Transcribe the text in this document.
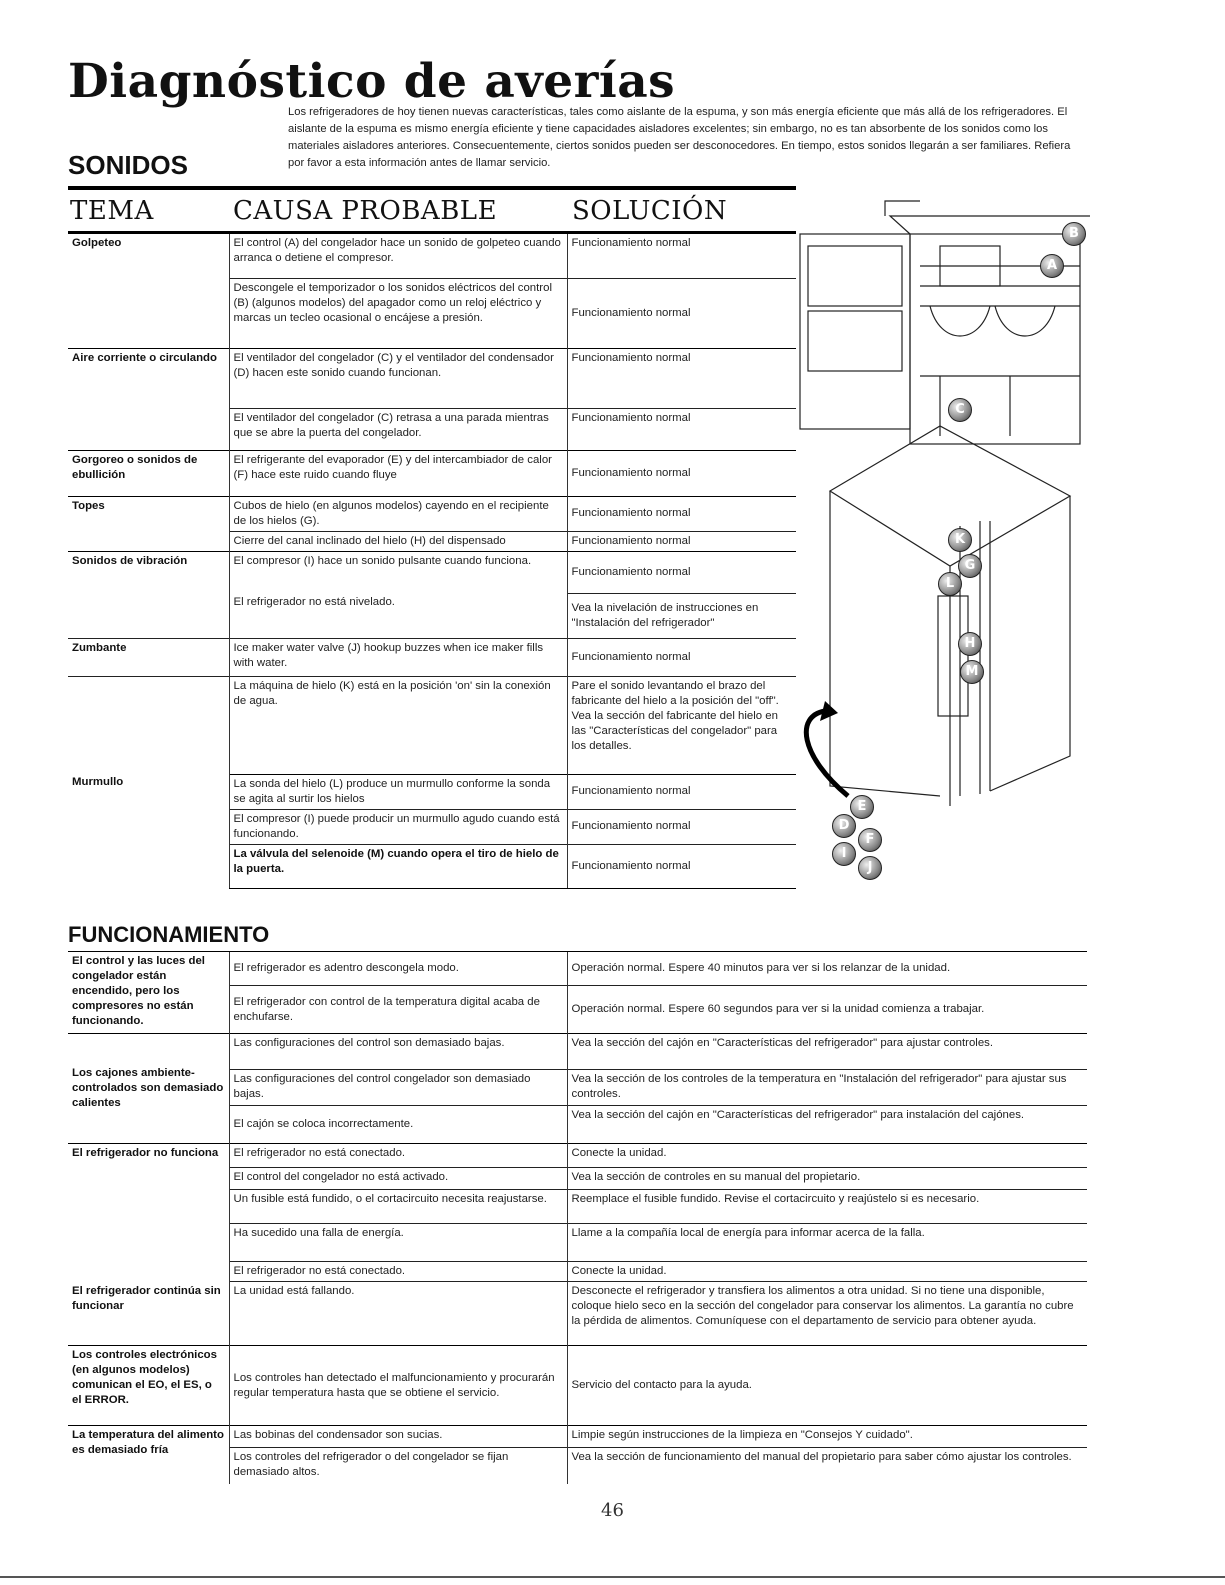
Diagnóstico de averías
SONIDOS
Los refrigeradores de hoy tienen nuevas características, tales como aislante de la espuma, y son más energía eficiente que más allá de los refrigeradores. El aislante de la espuma es mismo energía eficiente y tiene capacidades aisladores excelentes; sin embargo, no es tan absorbente de los sonidos como los materiales aisladores anteriores. Consecuentemente, ciertos sonidos pueden ser desconocedores. En tiempo, estos sonidos llegarán a ser familiares. Refiera por favor a esta información antes de llamar servicio.
TEMA	CAUSA PROBABLE	SOLUCIÓN
B
A
C
K
G
L
H
M
E
D
F
I
J
Golpeteo	El control (A) del congelador hace un sonido de golpeteo cuando arranca o detiene el compresor.	Funcionamiento normal
	Descongele el temporizador o los sonidos eléctricos del control (B) (algunos modelos) del apagador como un reloj eléctrico y marcas un tecleo ocasional o encájese a presión.	Funcionamiento normal
Aire corriente o circulando	El ventilador del congelador (C) y el ventilador del condensador (D) hacen este sonido cuando funcionan.	Funcionamiento normal
	El ventilador del congelador (C) retrasa a una parada mientras que se abre la puerta del congelador.	Funcionamiento normal
Gorgoreo o sonidos de ebullición	El refrigerante del evaporador (E) y del intercambiador de calor (F) hace este ruido cuando fluye	Funcionamiento normal
Topes	Cubos de hielo (en algunos modelos) cayendo en el recipiente de los hielos (G).	Funcionamiento normal
	Cierre del canal inclinado del hielo (H) del dispensado	Funcionamiento normal
Sonidos de vibración	El compresor (I) hace un sonido pulsante cuando funciona.	Funcionamiento normal
	El refrigerador no está nivelado.	Vea la nivelación de instrucciones en "Instalación del refrigerador"
Zumbante	Ice maker water valve (J) hookup buzzes when ice maker fills with water.	Funcionamiento normal
Murmullo	La máquina de hielo (K) está en la posición 'on' sin la conexión de agua.	Pare el sonido levantando el brazo del fabricante del hielo a la posición del "off". Vea la sección del fabricante del hielo en las "Características del congelador" para los detalles.
	La sonda del hielo (L) produce un murmullo conforme la sonda se agita al surtir los hielos	Funcionamiento normal
	El compresor (I) puede producir un murmullo agudo cuando está funcionando.	Funcionamiento normal
	La válvula del selenoide (M) cuando opera el tiro de hielo de la puerta.	Funcionamiento normal
FUNCIONAMIENTO
El control y las luces del congelador están encendido, pero los compresores no están funcionando.	El refrigerador es adentro descongela modo.	Operación normal. Espere 40 minutos para ver si los relanzar de la unidad.
	El refrigerador con control de la temperatura digital acaba de enchufarse.	Operación normal. Espere 60 segundos para ver si la unidad comienza a trabajar.
Los cajones ambiente-controlados son demasiado calientes	Las configuraciones del control son demasiado bajas.	Vea la sección del cajón en "Características del refrigerador" para ajustar controles.
	Las configuraciones del control congelador son demasiado bajas.	Vea la sección de los controles de la temperatura en "Instalación del refrigerador" para ajustar sus controles.
	El cajón se coloca incorrectamente.	Vea la sección del cajón en "Características del refrigerador" para instalación del cajónes.
El refrigerador no funciona	El refrigerador no está conectado.	Conecte la unidad.
	El control del congelador no está activado.	Vea la sección de controles en su manual del propietario.
	Un fusible está fundido, o el cortacircuito necesita reajustarse.	Reemplace el fusible fundido. Revise el cortacircuito y reajústelo si es necesario.
	Ha sucedido una falla de energía.	Llame a la compañía local de energía para informar acerca de la falla.
El refrigerador continúa sin funcionar	El refrigerador no está conectado.	Conecte la unidad.
	La unidad está fallando.	Desconecte el refrigerador y transfiera los alimentos a otra unidad. Si no tiene una disponible, coloque hielo seco en la sección del congelador para conservar los alimentos. La garantía no cubre la pérdida de alimentos. Comuníquese con el departamento de servicio para obtener ayuda.
Los controles electrónicos (en algunos modelos) comunican el EO, el ES, o el ERROR.	Los controles han detectado el malfuncionamiento y procurarán regular temperatura hasta que se obtiene el servicio.	Servicio del contacto para la ayuda.
La temperatura del alimento es demasiado fría	Las bobinas del condensador son sucias.	Limpie según instrucciones de la limpieza en "Consejos Y cuidado".
	Los controles del refrigerador o del congelador se fijan demasiado altos.	Vea la sección de funcionamiento del manual del propietario para saber cómo ajustar los controles.
46
